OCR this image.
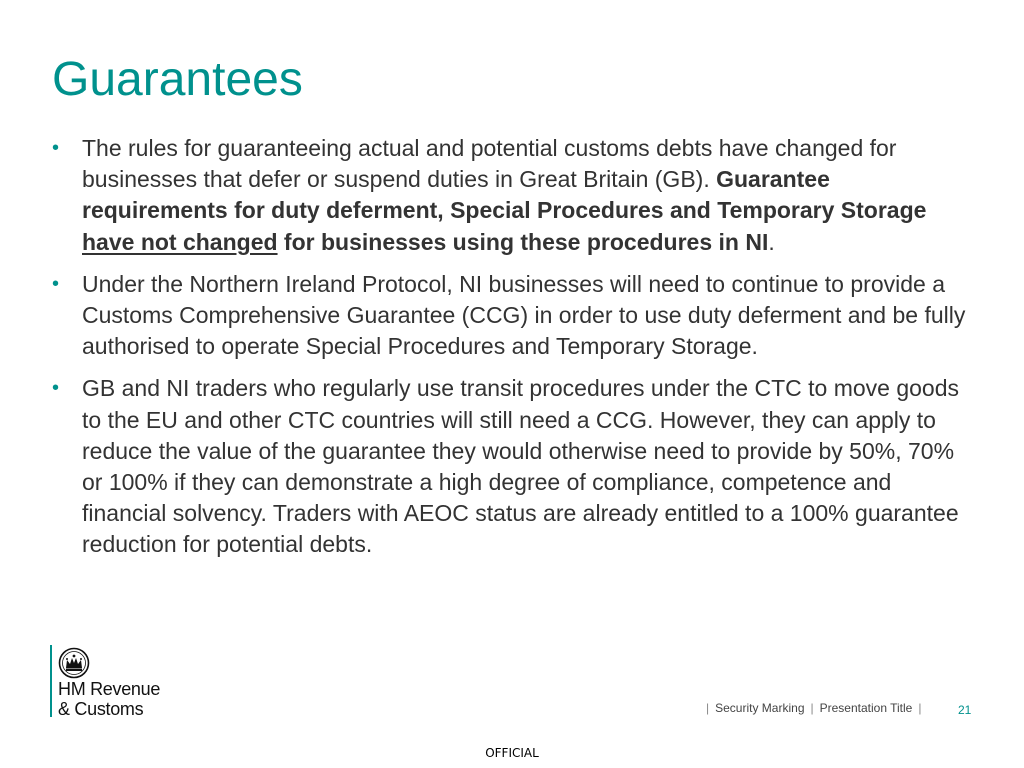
Guarantees
• The rules for guaranteeing actual and potential customs debts have changed for businesses that defer or suspend duties in Great Britain (GB). Guarantee requirements for duty deferment, Special Procedures and Temporary Storage have not changed for businesses using these procedures in NI.
• Under the Northern Ireland Protocol, NI businesses will need to continue to provide a Customs Comprehensive Guarantee (CCG) in order to use duty deferment and be fully authorised to operate Special Procedures and Temporary Storage.
• GB and NI traders who regularly use transit procedures under the CTC to move goods to the EU and other CTC countries will still need a CCG. However, they can apply to reduce the value of the guarantee they would otherwise need to provide by 50%, 70% or 100% if they can demonstrate a high degree of compliance, competence and financial solvency. Traders with AEOC status are already entitled to a 100% guarantee reduction for potential debts.
HM Revenue
& Customs	| Security Marking | Presentation Title |	21
OFFICIAL
